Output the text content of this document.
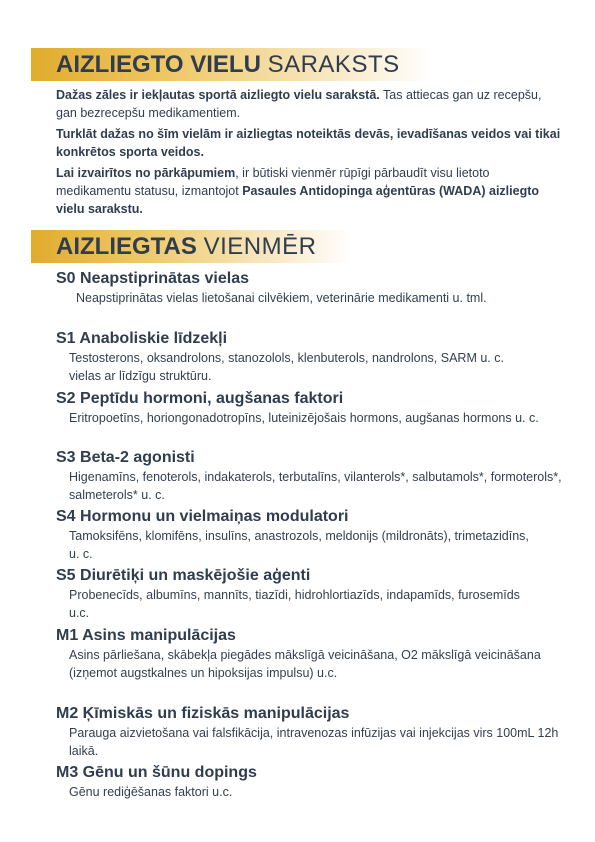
AIZLIEGTO VIELU SARAKSTS

Dažas zāles ir iekļautas sportā aizliegto vielu sarakstā. Tas attiecas gan uz recepšu, gan bezrecepšu medikamentiem.

Turklāt dažas no šīm vielām ir aizliegtas noteiktās devās, ievadīšanas veidos vai tikai konkrētos sporta veidos.

Lai izvairītos no pārkāpumiem, ir būtiski vienmēr rūpīgi pārbaudīt visu lietoto medikamentu statusu, izmantojot Pasaules Antidopinga aģentūras (WADA) aizliegto vielu sarakstu.

AIZLIEGTAS VIENMĒR
S0 Neapstiprinātas vielas
Neapstiprinātas vielas lietošanai cilvēkiem, veterinārie medikamenti u. tml.
S1 Anaboliskie līdzekļi
Testosterons, oksandrolons, stanozolols, klenbuterols, nandrolons, SARM u. c. vielas ar līdzīgu struktūru.
S2 Peptīdu hormoni, augšanas faktori
Eritropoetīns, horiongonadotropīns, luteinizējošais hormons, augšanas hormons u. c.
S3 Beta-2 agonisti
Higenamīns, fenoterols, indakaterols, terbutalīns, vilanterols*, salbutamols*, formoterols*, salmeterols* u. c.
S4 Hormonu un vielmaiņas modulatori
Tamoksifēns, klomifēns, insulīns, anastrozols, meldonijs (mildronāts), trimetazidīns, u. c.
S5 Diurētiķi un maskējošie aģenti
Probenecīds, albumīns, mannīts, tiazīdi, hidrohlortiazīds, indapamīds, furosemīds u.c.
M1 Asins manipulācijas
Asins pārliešana, skābekļa piegādes mākslīgā veicināšana, O2 mākslīgā veicināšana (izņemot augstkalnes un hipoksijas impulsu) u.c.
M2 Ķīmiskās un fiziskās manipulācijas
Parauga aizvietošana vai falsfikācija, intravenozas infūzijas vai injekcijas virs 100mL 12h laikā.
M3 Gēnu un šūnu dopings
Gēnu rediģēšanas faktori u.c.
